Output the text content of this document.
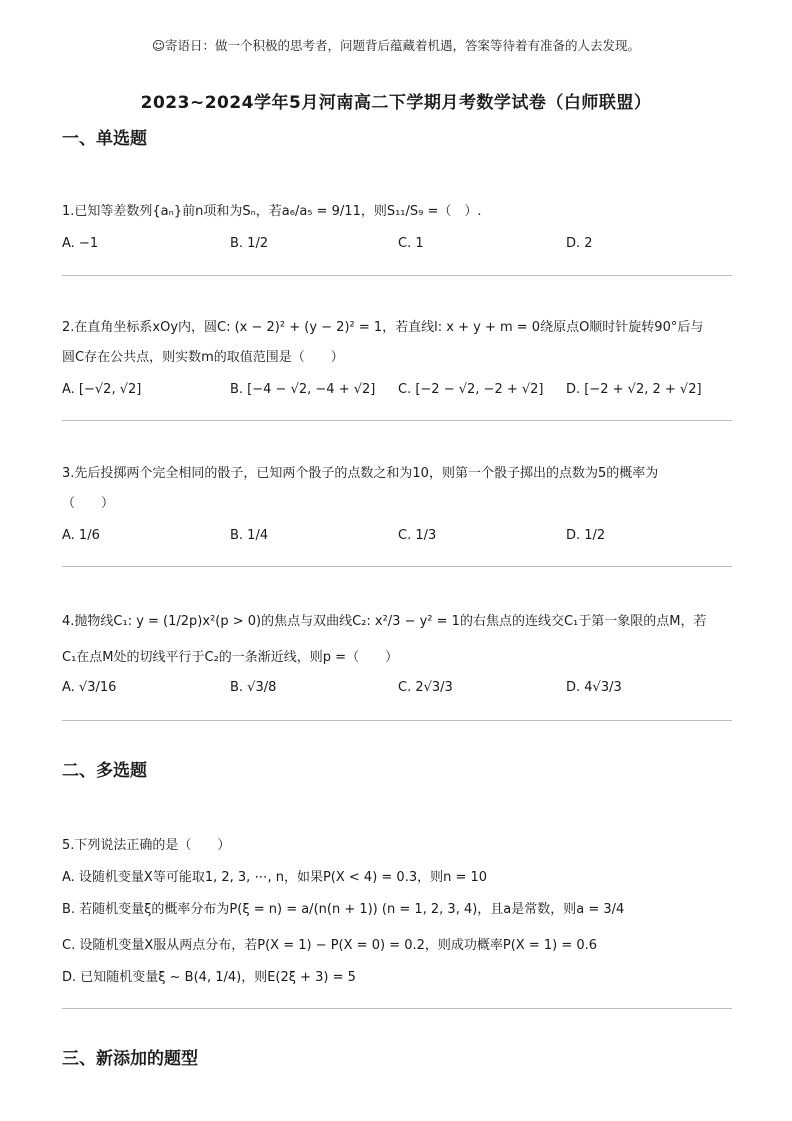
☺寄语日：做一个积极的思考者，问题背后蕴藏着机遇，答案等待着有准备的人去发现。
2023~2024学年5月河南高二下学期月考数学试卷（白师联盟）
一、单选题
1.已知等差数列{aₙ}前n项和为Sₙ，若a₆/a₅ = 9/11，则S₁₁/S₉ =（　）.
A. −1	B. 1/2	C. 1	D. 2
2.在直角坐标系xOy内，圆C: (x − 2)² + (y − 2)² = 1，若直线l: x + y + m = 0绕原点O顺时针旋转90°后与
圆C存在公共点，则实数m的取值范围是（　　）
A. [−√2, √2]	B. [−4 − √2, −4 + √2] C. [−2 − √2, −2 + √2] D. [−2 + √2, 2 + √2]
3.先后投掷两个完全相同的骰子，已知两个骰子的点数之和为10，则第一个骰子掷出的点数为5的概率为
（　　）
A. 1/6	B. 1/4	C. 1/3	D. 1/2
4.抛物线C₁: y = (1/2p)x²(p > 0)的焦点与双曲线C₂: x²/3 − y² = 1的右焦点的连线交C₁于第一象限的点M，若
C₁在点M处的切线平行于C₂的一条渐近线，则p =（　　）
A. √3/16	B. √3/8	C. 2√3/3	D. 4√3/3
二、多选题
5.下列说法正确的是（　　）
A. 设随机变量X等可能取1, 2, 3, ⋯, n，如果P(X < 4) = 0.3，则n = 10
B. 若随机变量ξ的概率分布为P(ξ = n) = a/(n(n + 1)) (n = 1, 2, 3, 4)，且a是常数，则a = 3/4
C. 设随机变量X服从两点分布，若P(X = 1) − P(X = 0) = 0.2，则成功概率P(X = 1) = 0.6
D. 已知随机变量ξ ~ B(4, 1/4)，则E(2ξ + 3) = 5
三、新添加的题型
